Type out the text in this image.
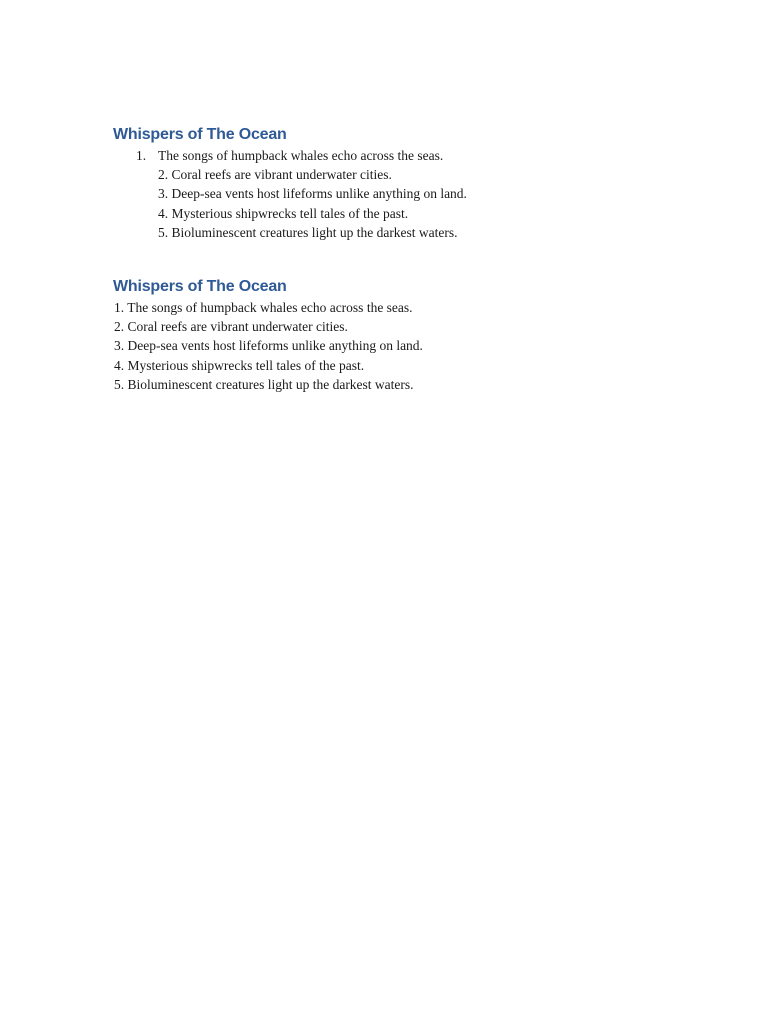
Whispers of The Ocean
1. The songs of humpback whales echo across the seas.
2. Coral reefs are vibrant underwater cities.
3. Deep-sea vents host lifeforms unlike anything on land.
4. Mysterious shipwrecks tell tales of the past.
5. Bioluminescent creatures light up the darkest waters.
Whispers of The Ocean
1. The songs of humpback whales echo across the seas.
2. Coral reefs are vibrant underwater cities.
3. Deep-sea vents host lifeforms unlike anything on land.
4. Mysterious shipwrecks tell tales of the past.
5. Bioluminescent creatures light up the darkest waters.
